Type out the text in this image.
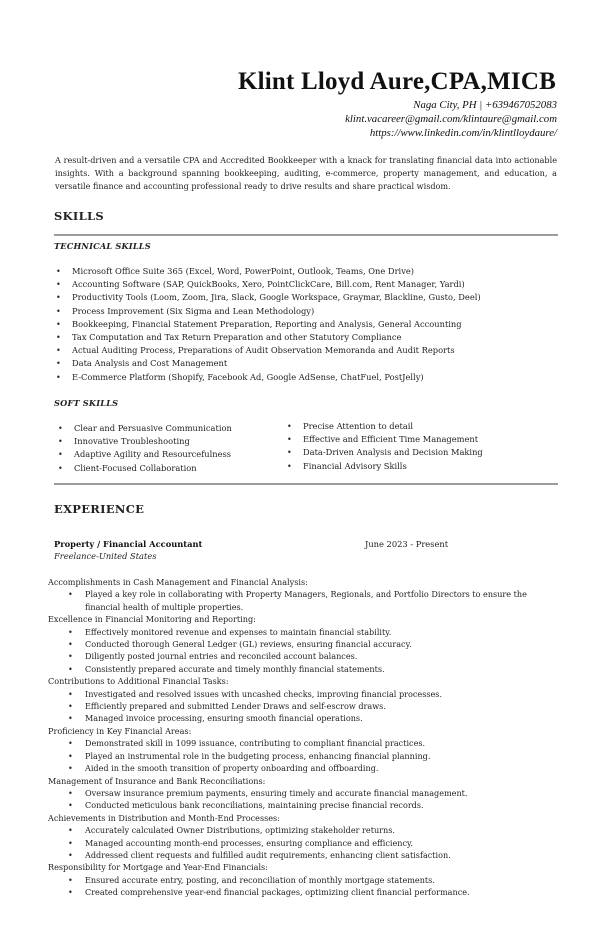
Klint Lloyd Aure,CPA,MICB
Naga City, PH | +639467052083
klint.vacareer@gmail.com/klintaure@gmail.com
https://www.linkedin.com/in/klintlloydaure/
A result-driven and a versatile CPA and Accredited Bookkeeper with a knack for translating financial data into actionable insights. With a background spanning bookkeeping, auditing, e-commerce, property management, and education, a versatile finance and accounting professional ready to drive results and share practical wisdom.
SKILLS
TECHNICAL SKILLS
• Microsoft Office Suite 365 (Excel, Word, PowerPoint, Outlook, Teams, One Drive)
• Accounting Software (SAP, QuickBooks, Xero, PointClickCare, Bill.com, Rent Manager, Yardi)
• Productivity Tools (Loom, Zoom, Jira, Slack, Google Workspace, Graymar, Blackline, Gusto, Deel)
• Process Improvement (Six Sigma and Lean Methodology)
• Bookkeeping, Financial Statement Preparation, Reporting and Analysis, General Accounting
• Tax Computation and Tax Return Preparation and other Statutory Compliance
• Actual Auditing Process, Preparations of Audit Observation Memoranda and Audit Reports
• Data Analysis and Cost Management
• E-Commerce Platform (Shopify, Facebook Ad, Google AdSense, ChatFuel, PostJelly)
SOFT SKILLS
• Clear and Persuasive Communication
• Innovative Troubleshooting
• Adaptive Agility and Resourcefulness
• Client-Focused Collaboration
• Precise Attention to detail
• Effective and Efficient Time Management
• Data-Driven Analysis and Decision Making
• Financial Advisory Skills
EXPERIENCE
Property / Financial Accountant	June 2023 - Present
Freelance-United States
Accomplishments in Cash Management and Financial Analysis:
• Played a key role in collaborating with Property Managers, Regionals, and Portfolio Directors to ensure the financial health of multiple properties.
Excellence in Financial Monitoring and Reporting:
• Effectively monitored revenue and expenses to maintain financial stability.
• Conducted thorough General Ledger (GL) reviews, ensuring financial accuracy.
• Diligently posted journal entries and reconciled account balances.
• Consistently prepared accurate and timely monthly financial statements.
Contributions to Additional Financial Tasks:
• Investigated and resolved issues with uncashed checks, improving financial processes.
• Efficiently prepared and submitted Lender Draws and self-escrow draws.
• Managed invoice processing, ensuring smooth financial operations.
Proficiency in Key Financial Areas:
• Demonstrated skill in 1099 issuance, contributing to compliant financial practices.
• Played an instrumental role in the budgeting process, enhancing financial planning.
• Aided in the smooth transition of property onboarding and offboarding.
Management of Insurance and Bank Reconciliations:
• Oversaw insurance premium payments, ensuring timely and accurate financial management.
• Conducted meticulous bank reconciliations, maintaining precise financial records.
Achievements in Distribution and Month-End Processes:
• Accurately calculated Owner Distributions, optimizing stakeholder returns.
• Managed accounting month-end processes, ensuring compliance and efficiency.
• Addressed client requests and fulfilled audit requirements, enhancing client satisfaction.
Responsibility for Mortgage and Year-End Financials:
• Ensured accurate entry, posting, and reconciliation of monthly mortgage statements.
• Created comprehensive year-end financial packages, optimizing client financial performance.
